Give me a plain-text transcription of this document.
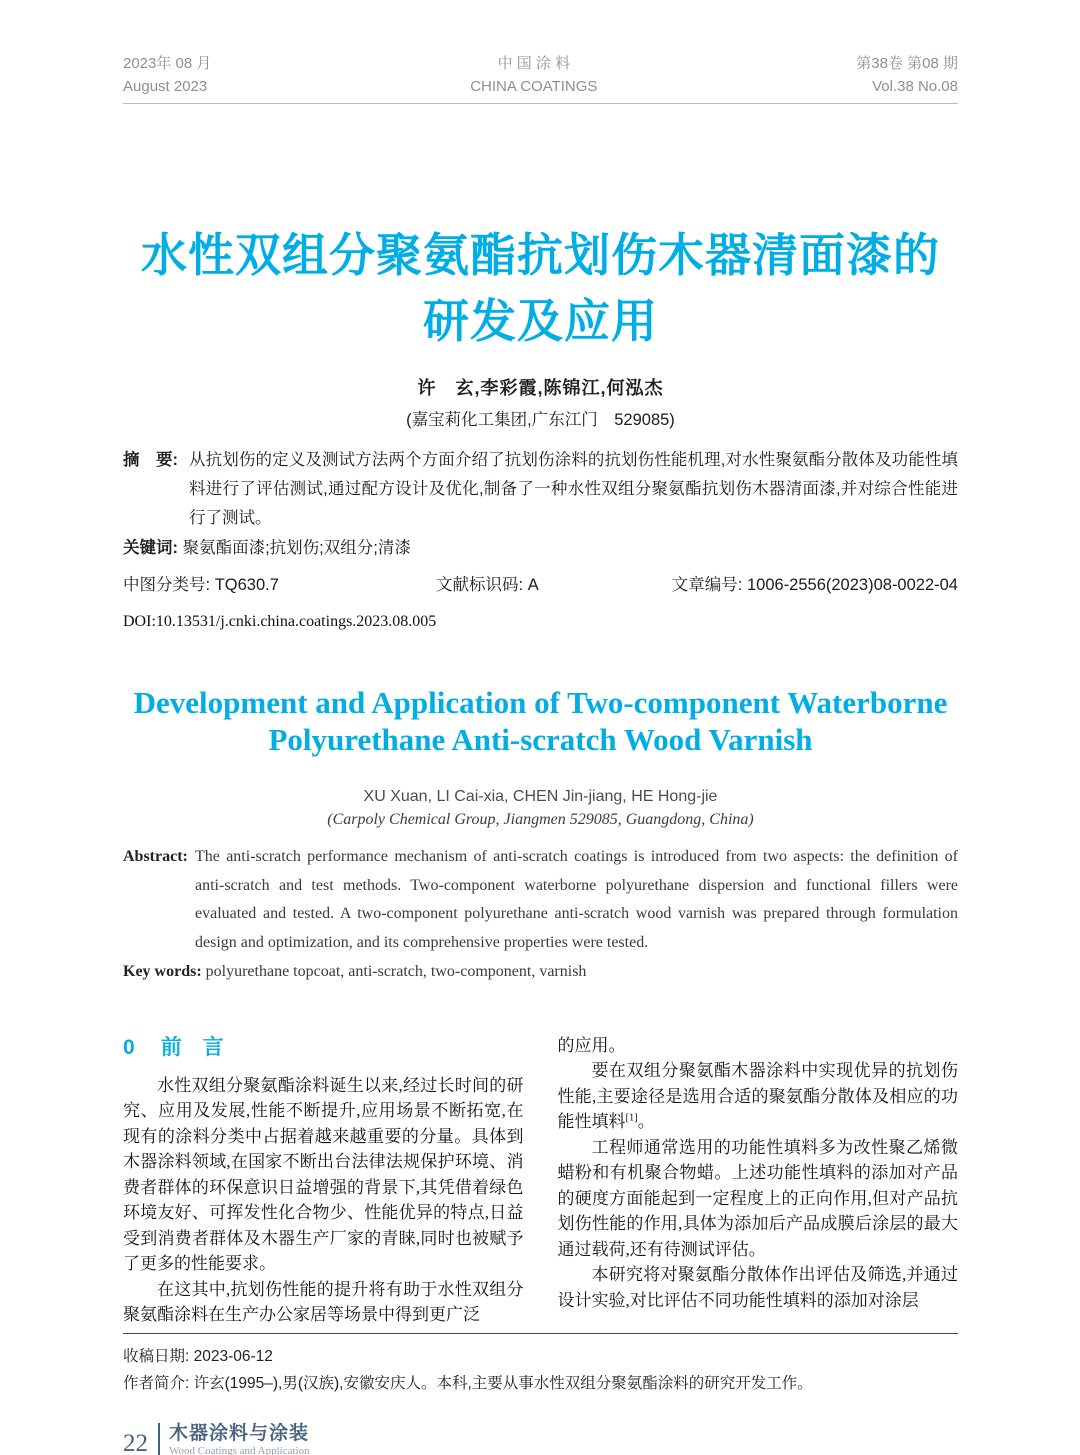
2023年 08 月
August 2023
中 国 涂 料
CHINA COATINGS
第38卷 第08 期
Vol.38 No.08
水性双组分聚氨酯抗划伤木器清面漆的
研发及应用
许　玄,李彩霞,陈锦江,何泓杰
(嘉宝莉化工集团,广东江门　529085)
摘　要: 从抗划伤的定义及测试方法两个方面介绍了抗划伤涂料的抗划伤性能机理,对水性聚氨酯分散体及功能性填料进行了评估测试,通过配方设计及优化,制备了一种水性双组分聚氨酯抗划伤木器清面漆,并对综合性能进行了测试。
关键词: 聚氨酯面漆;抗划伤;双组分;清漆
中图分类号: TQ630.7	文献标识码: A	文章编号: 1006-2556(2023)08-0022-04
DOI:10.13531/j.cnki.china.coatings.2023.08.005
Development and Application of Two-component Waterborne
Polyurethane Anti-scratch Wood Varnish
XU Xuan, LI Cai-xia, CHEN Jin-jiang, HE Hong-jie
(Carpoly Chemical Group, Jiangmen 529085, Guangdong, China)
Abstract: The anti-scratch performance mechanism of anti-scratch coatings is introduced from two aspects: the definition of anti-scratch and test methods. Two-component waterborne polyurethane dispersion and functional fillers were evaluated and tested. A two-component polyurethane anti-scratch wood varnish was prepared through formulation design and optimization, and its comprehensive properties were tested.
Key words: polyurethane topcoat, anti-scratch, two-component, varnish
0 前　言

水性双组分聚氨酯涂料诞生以来,经过长时间的研究、应用及发展,性能不断提升,应用场景不断拓宽,在现有的涂料分类中占据着越来越重要的分量。具体到木器涂料领域,在国家不断出台法律法规保护环境、消费者群体的环保意识日益增强的背景下,其凭借着绿色环境友好、可挥发性化合物少、性能优异的特点,日益受到消费者群体及木器生产厂家的青睐,同时也被赋予了更多的性能要求。

在这其中,抗划伤性能的提升将有助于水性双组分聚氨酯涂料在生产办公家居等场景中得到更广泛

的应用。

要在双组分聚氨酯木器涂料中实现优异的抗划伤性能,主要途径是选用合适的聚氨酯分散体及相应的功能性填料[1]。

工程师通常选用的功能性填料多为改性聚乙烯微蜡粉和有机聚合物蜡。上述功能性填料的添加对产品的硬度方面能起到一定程度上的正向作用,但对产品抗划伤性能的作用,具体为添加后产品成膜后涂层的最大通过载荷,还有待测试评估。

本研究将对聚氨酯分散体作出评估及筛选,并通过设计实验,对比评估不同功能性填料的添加对涂层

收稿日期: 2023-06-12
作者简介: 许玄(1995–),男(汉族),安徽安庆人。本科,主要从事水性双组分聚氨酯涂料的研究开发工作。
22 木器涂料与涂装
Wood Coatings and Application
